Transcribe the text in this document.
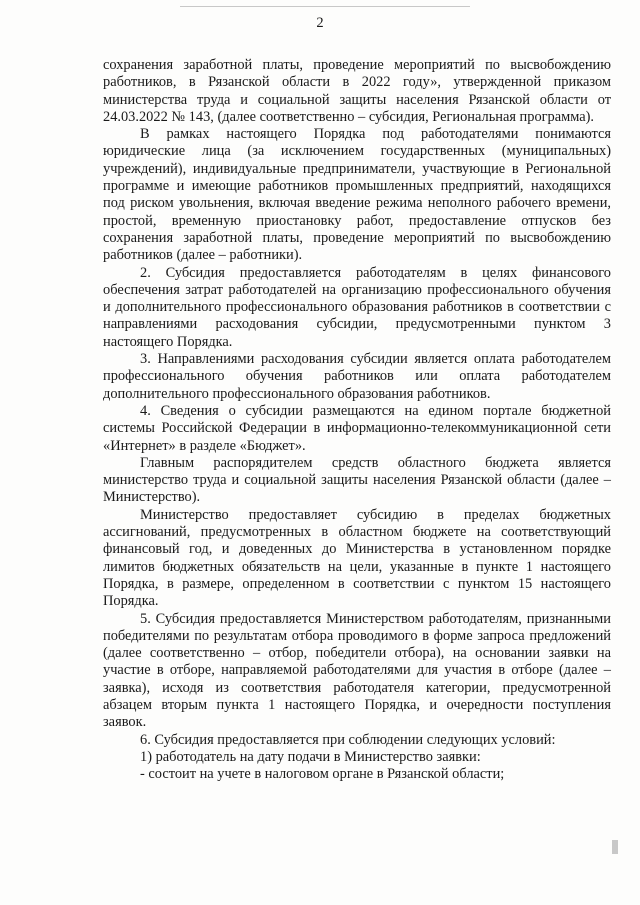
2

сохранения заработной платы, проведение мероприятий по высвобождению работников, в Рязанской области в 2022 году», утвержденной приказом министерства труда и социальной защиты населения Рязанской области от 24.03.2022 № 143, (далее соответственно – субсидия, Региональная программа).

В рамках настоящего Порядка под работодателями понимаются юридические лица (за исключением государственных (муниципальных) учреждений), индивидуальные предприниматели, участвующие в Региональной программе и имеющие работников промышленных предприятий, находящихся под риском увольнения, включая введение режима неполного рабочего времени, простой, временную приостановку работ, предоставление отпусков без сохранения заработной платы, проведение мероприятий по высвобождению работников (далее – работники).

2. Субсидия предоставляется работодателям в целях финансового обеспечения затрат работодателей на организацию профессионального обучения и дополнительного профессионального образования работников в соответствии с направлениями расходования субсидии, предусмотренными пунктом 3 настоящего Порядка.

3. Направлениями расходования субсидии является оплата работодателем профессионального обучения работников или оплата работодателем дополнительного профессионального образования работников.

4. Сведения о субсидии размещаются на едином портале бюджетной системы Российской Федерации в информационно-телекоммуникационной сети «Интернет» в разделе «Бюджет».

Главным распорядителем средств областного бюджета является министерство труда и социальной защиты населения Рязанской области (далее – Министерство).

Министерство предоставляет субсидию в пределах бюджетных ассигнований, предусмотренных в областном бюджете на соответствующий финансовый год, и доведенных до Министерства в установленном порядке лимитов бюджетных обязательств на цели, указанные в пункте 1 настоящего Порядка, в размере, определенном в соответствии с пунктом 15 настоящего Порядка.

5. Субсидия предоставляется Министерством работодателям, признанными победителями по результатам отбора проводимого в форме запроса предложений (далее соответственно – отбор, победители отбора), на основании заявки на участие в отборе, направляемой работодателями для участия в отборе (далее – заявка), исходя из соответствия работодателя категории, предусмотренной абзацем вторым пункта 1 настоящего Порядка, и очередности поступления заявок.

6. Субсидия предоставляется при соблюдении следующих условий:

1) работодатель на дату подачи в Министерство заявки:

- состоит на учете в налоговом органе в Рязанской области;
